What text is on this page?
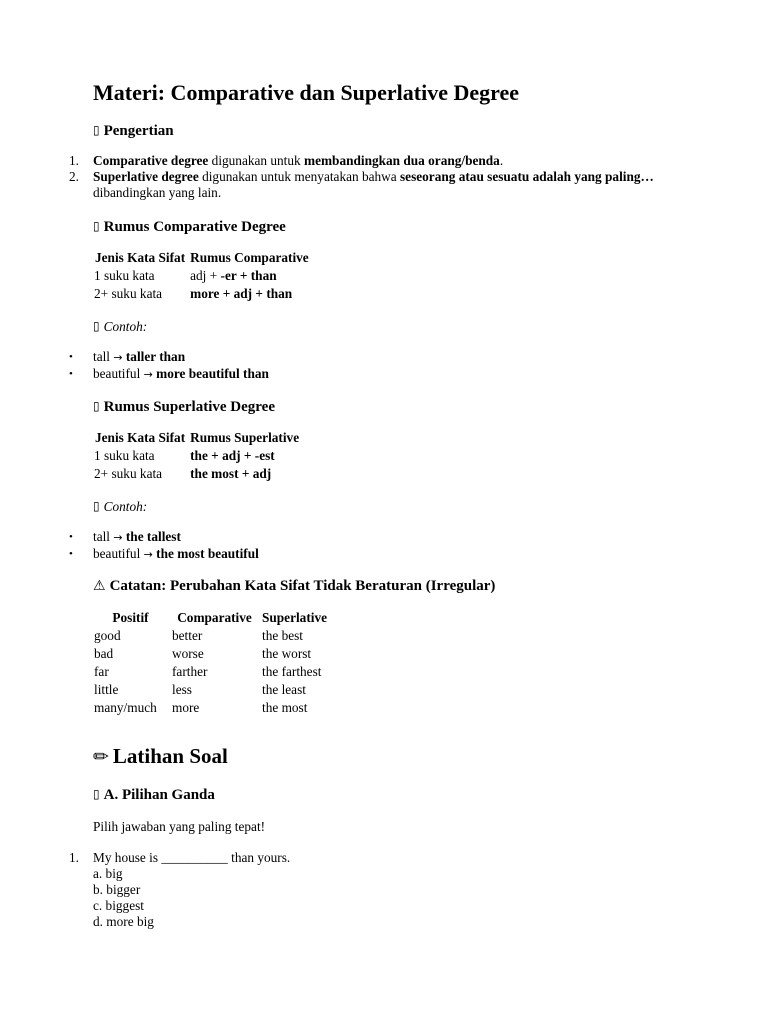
Materi: Comparative dan Superlative Degree
▯ Pengertian
1. Comparative degree digunakan untuk membandingkan dua orang/benda.
2. Superlative degree digunakan untuk menyatakan bahwa seseorang atau sesuatu adalah yang paling… dibandingkan yang lain.
▯ Rumus Comparative Degree
Jenis Kata Sifat	Rumus Comparative
1 suku kata	adj + -er + than
2+ suku kata	more + adj + than

▯ Contoh:

• tall → taller than
• beautiful → more beautiful than
▯ Rumus Superlative Degree
Jenis Kata Sifat	Rumus Superlative
1 suku kata	the + adj + -est
2+ suku kata	the most + adj

▯ Contoh:

• tall → the tallest
• beautiful → the most beautiful
⚠ Catatan: Perubahan Kata Sifat Tidak Beraturan (Irregular)
Positif	Comparative	Superlative
good	better	the best
bad	worse	the worst
far	farther	the farthest
little	less	the least
many/much	more	the most
✏ Latihan Soal
▯ A. Pilihan Ganda

Pilih jawaban yang paling tepat!

1. My house is __________ than yours.
a. big
b. bigger
c. biggest
d. more big
